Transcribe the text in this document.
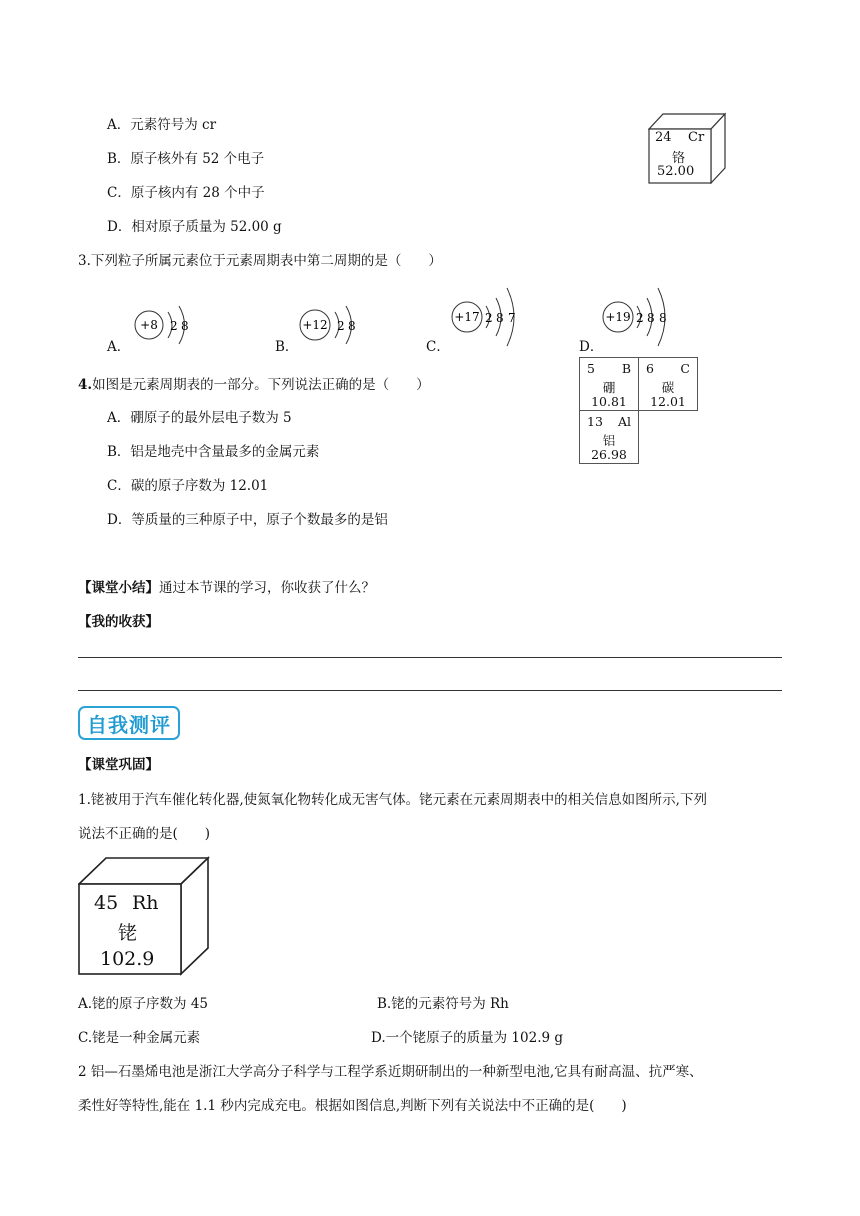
A．元素符号为 cr
B．原子核外有 52 个电子
C．原子核内有 28 个中子
D．相对原子质量为 52.00 g
24 Cr
铬
52.00
3.下列粒子所属元素位于元素周期表中第二周期的是（　　）
A．
+8 2 8
B．
+12 2 8
C．
+17 2 8 7
D．
+19 2 8 8
4.如图是元素周期表的一部分。下列说法正确的是（　　）
A．硼原子的最外层电子数为 5
B．铝是地壳中含量最多的金属元素
C．碳的原子序数为 12.01
D．等质量的三种原子中，原子个数最多的是铝
5 B
硼
10.81	6 C
碳
12.01

13 Al
铝
26.98	

【课堂小结】通过本节课的学习，你收获了什么？
【我的收获】
自我测评
【课堂巩固】
1.铑被用于汽车催化转化器,使氮氧化物转化成无害气体。铑元素在元素周期表中的相关信息如图所示,下列
说法不正确的是(　　)
45 Rh
铑
102.9
A.铑的原子序数为 45	B.铑的元素符号为 Rh
C.铑是一种金属元素	D.一个铑原子的质量为 102.9 g
2 铝—石墨烯电池是浙江大学高分子科学与工程学系近期研制出的一种新型电池,它具有耐高温、抗严寒、
柔性好等特性,能在 1.1 秒内完成充电。根据如图信息,判断下列有关说法中不正确的是(　　)
